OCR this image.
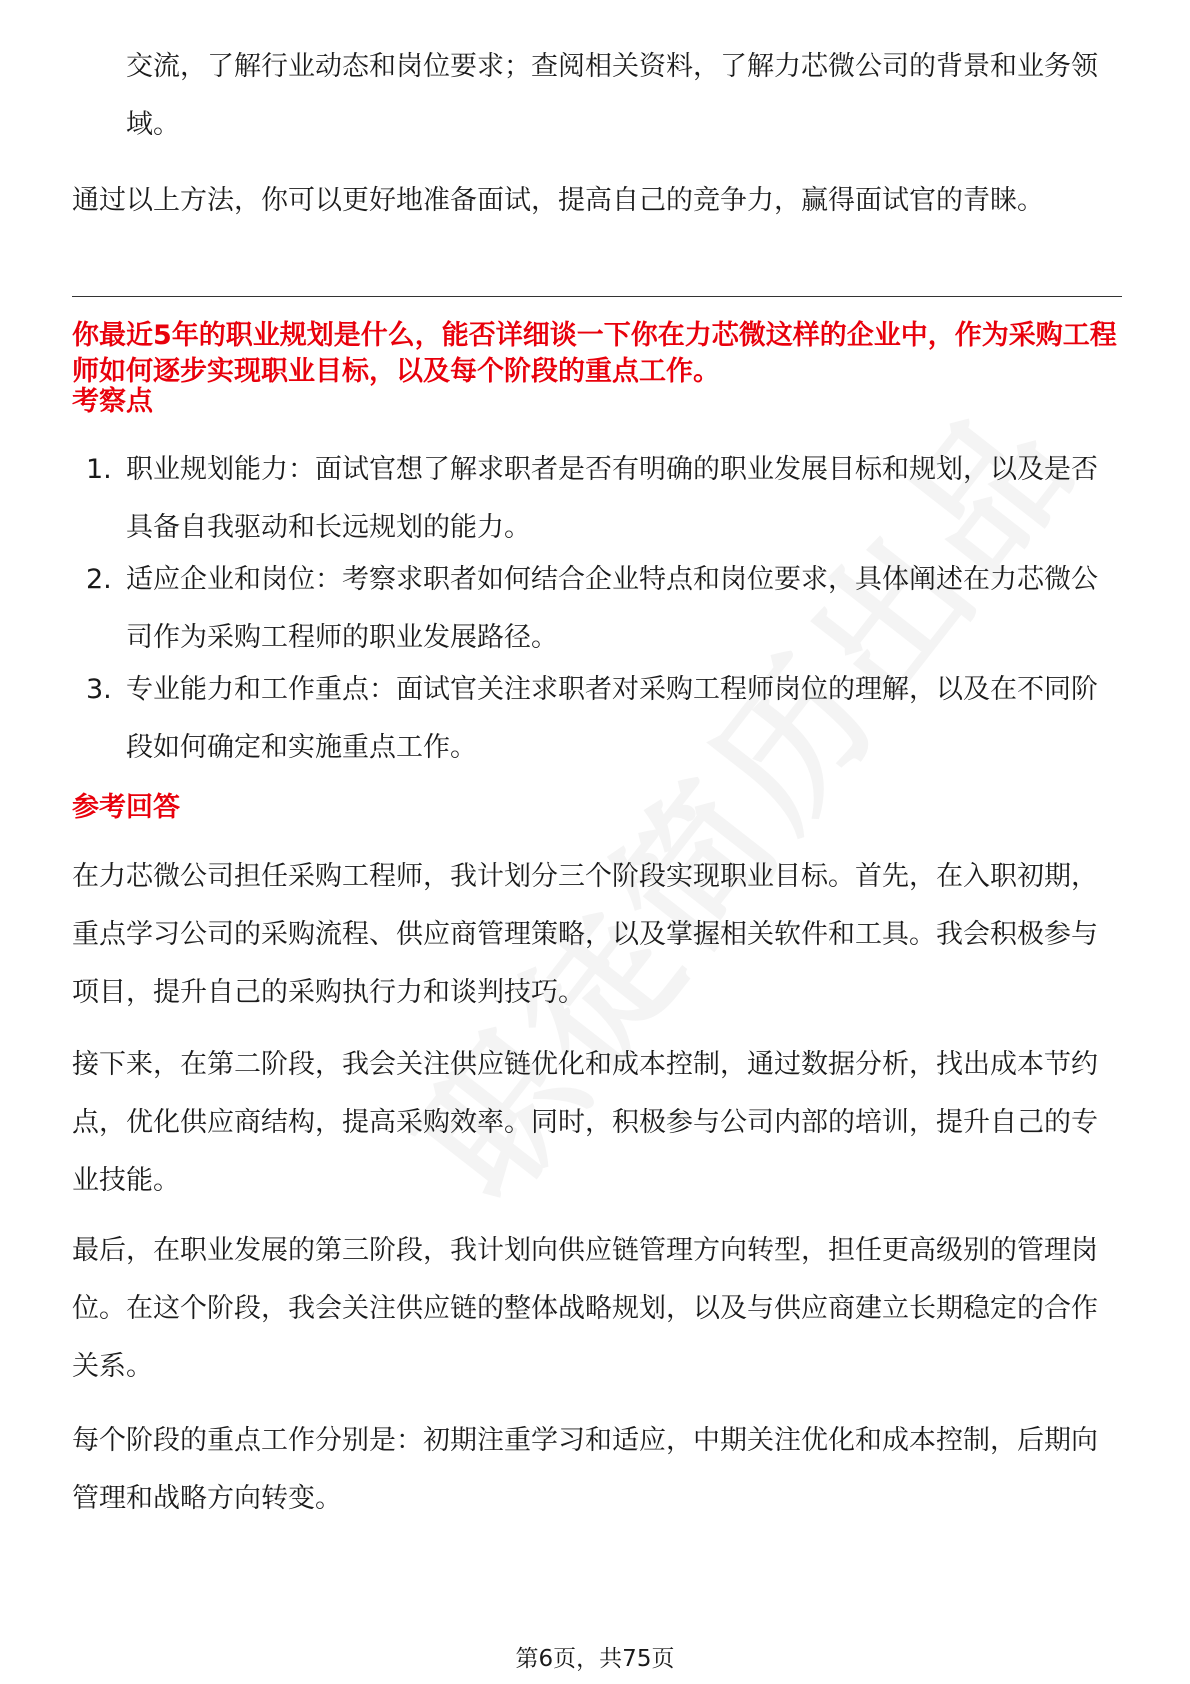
交流，了解行业动态和岗位要求；查阅相关资料，了解力芯微公司的背景和业务领域。

通过以上方法，你可以更好地准备面试，提高自己的竞争力，赢得面试官的青睐。

你最近5年的职业规划是什么，能否详细谈一下你在力芯微这样的企业中，作为采购工程师如何逐步实现职业目标，以及每个阶段的重点工作。

考察点

1. 职业规划能力：面试官想了解求职者是否有明确的职业发展目标和规划，以及是否具备自我驱动和长远规划的能力。
2. 适应企业和岗位：考察求职者如何结合企业特点和岗位要求，具体阐述在力芯微公司作为采购工程师的职业发展路径。
3. 专业能力和工作重点：面试官关注求职者对采购工程师岗位的理解，以及在不同阶段如何确定和实施重点工作。

参考回答

在力芯微公司担任采购工程师，我计划分三个阶段实现职业目标。首先，在入职初期，重点学习公司的采购流程、供应商管理策略，以及掌握相关软件和工具。我会积极参与项目，提升自己的采购执行力和谈判技巧。

接下来，在第二阶段，我会关注供应链优化和成本控制，通过数据分析，找出成本节约点，优化供应商结构，提高采购效率。同时，积极参与公司内部的培训，提升自己的专业技能。

最后，在职业发展的第三阶段，我计划向供应链管理方向转型，担任更高级别的管理岗位。在这个阶段，我会关注供应链的整体战略规划，以及与供应商建立长期稳定的合作关系。

每个阶段的重点工作分别是：初期注重学习和适应，中期关注优化和成本控制，后期向管理和战略方向转变。

第6页，共75页
